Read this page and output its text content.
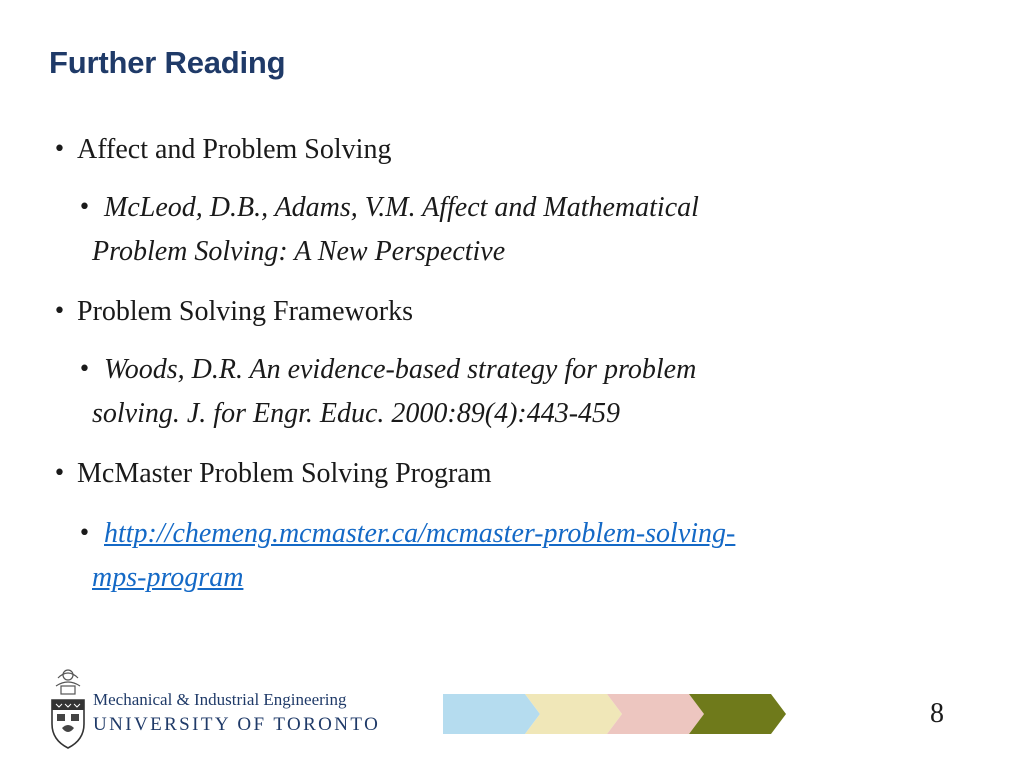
Further Reading
• Affect and Problem Solving
• McLeod, D.B., Adams, V.M. Affect and Mathematical
Problem Solving: A New Perspective
• Problem Solving Frameworks
• Woods, D.R. An evidence-based strategy for problem
solving. J. for Engr. Educ. 2000:89(4):443-459
• McMaster Problem Solving Program
• http://chemeng.mcmaster.ca/mcmaster-problem-solving-
mps-program
Mechanical & Industrial Engineering
UNIVERSITY OF TORONTO	8
